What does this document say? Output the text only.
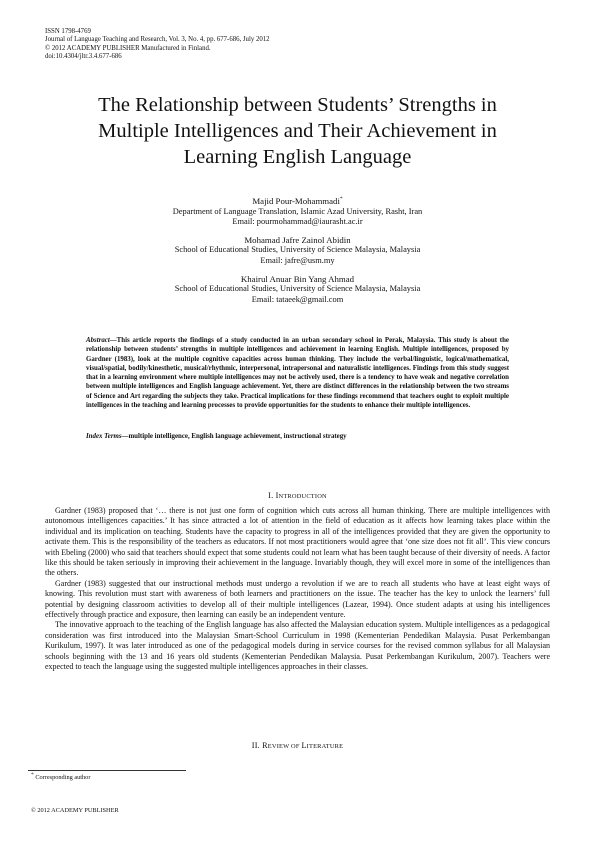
ISSN 1798-4769
Journal of Language Teaching and Research, Vol. 3, No. 4, pp. 677-686, July 2012
© 2012 ACADEMY PUBLISHER Manufactured in Finland.
doi:10.4304/jltr.3.4.677-686
The Relationship between Students’ Strengths in
Multiple Intelligences and Their Achievement in
Learning English Language
Majid Pour-Mohammadi*
Department of Language Translation, Islamic Azad University, Rasht, Iran
Email: pourmohammad@iaurasht.ac.ir
Mohamad Jafre Zainol Abidin
School of Educational Studies, University of Science Malaysia, Malaysia
Email: jafre@usm.my
Khairul Anuar Bin Yang Ahmad
School of Educational Studies, University of Science Malaysia, Malaysia
Email: tataeek@gmail.com
Abstract—This article reports the findings of a study conducted in an urban secondary school in Perak, Malaysia. This study is about the relationship between students’ strengths in multiple intelligences and achievement in learning English. Multiple intelligences, proposed by Gardner (1983), look at the multiple cognitive capacities across human thinking. They include the verbal/linguistic, logical/mathematical, visual/spatial, bodily/kinesthetic, musical/rhythmic, interpersonal, intrapersonal and naturalistic intelligences. Findings from this study suggest that in a learning environment where multiple intelligences may not be actively used, there is a tendency to have weak and negative correlation between multiple intelligences and English language achievement. Yet, there are distinct differences in the relationship between the two streams of Science and Art regarding the subjects they take. Practical implications for these findings recommend that teachers ought to exploit multiple intelligences in the teaching and learning processes to provide opportunities for the students to enhance their multiple intelligences.
Index Terms—multiple intelligence, English language achievement, instructional strategy
I. INTRODUCTION

Gardner (1983) proposed that ‘… there is not just one form of cognition which cuts across all human thinking. There are multiple intelligences with autonomous intelligences capacities.’ It has since attracted a lot of attention in the field of education as it affects how learning takes place within the individual and its implication on teaching. Students have the capacity to progress in all of the intelligences provided that they are given the opportunity to activate them. This is the responsibility of the teachers as educators. If not most practitioners would agree that ‘one size does not fit all’. This view concurs with Ebeling (2000) who said that teachers should expect that some students could not learn what has been taught because of their diversity of needs. A factor like this should be taken seriously in improving their achievement in the language. Invariably though, they will excel more in some of the intelligences than the others.

Gardner (1983) suggested that our instructional methods must undergo a revolution if we are to reach all students who have at least eight ways of knowing. This revolution must start with awareness of both learners and practitioners on the issue. The teacher has the key to unlock the learners’ full potential by designing classroom activities to develop all of their multiple intelligences (Lazear, 1994). Once student adapts at using his intelligences effectively through practice and exposure, then learning can easily be an independent venture.

The innovative approach to the teaching of the English language has also affected the Malaysian education system. Multiple intelligences as a pedagogical consideration was first introduced into the Malaysian Smart-School Curriculum in 1998 (Kementerian Pendedikan Malaysia. Pusat Perkembangan Kurikulum, 1997). It was later introduced as one of the pedagogical models during in service courses for the revised common syllabus for all Malaysian schools beginning with the 13 and 16 years old students (Kementerian Pendedikan Malaysia. Pusat Perkembangan Kurikulum, 2007). Teachers were expected to teach the language using the suggested multiple intelligences approaches in their classes.

II. REVIEW OF LITERATURE
* Corresponding author
© 2012 ACADEMY PUBLISHER
